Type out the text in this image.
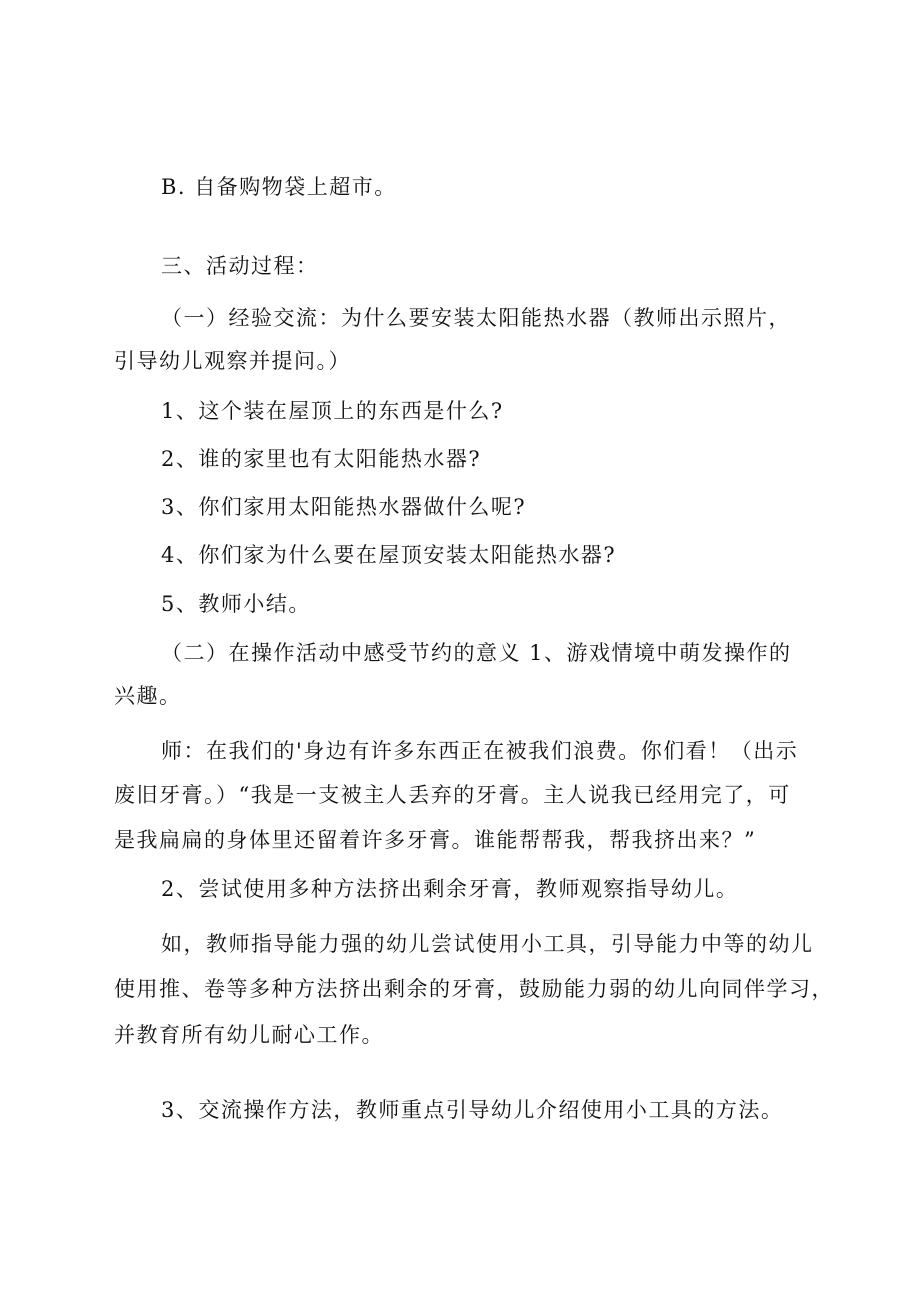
B. 自备购物袋上超市。
三、活动过程：
（一）经验交流：为什么要安装太阳能热水器（教师出示照片，
引导幼儿观察并提问。）
1、这个装在屋顶上的东西是什么?
2、谁的家里也有太阳能热水器?
3、你们家用太阳能热水器做什么呢?
4、你们家为什么要在屋顶安装太阳能热水器?
5、教师小结。
（二）在操作活动中感受节约的意义 1、游戏情境中萌发操作的
兴趣。
师：在我们的'身边有许多东西正在被我们浪费。你们看！（出示
废旧牙膏。）“我是一支被主人丢弃的牙膏。主人说我已经用完了，可
是我扁扁的身体里还留着许多牙膏。谁能帮帮我，帮我挤出来？”
2、尝试使用多种方法挤出剩余牙膏，教师观察指导幼儿。
如，教师指导能力强的幼儿尝试使用小工具，引导能力中等的幼儿
使用推、卷等多种方法挤出剩余的牙膏，鼓励能力弱的幼儿向同伴学习，
并教育所有幼儿耐心工作。
3、交流操作方法，教师重点引导幼儿介绍使用小工具的方法。
